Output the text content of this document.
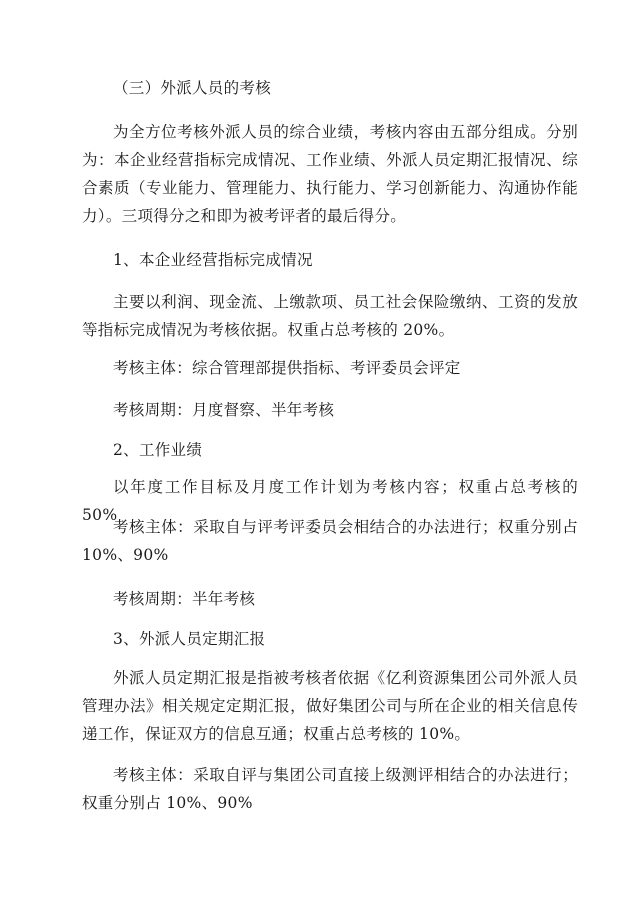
（三）外派人员的考核

为全方位考核外派人员的综合业绩，考核内容由五部分组成。分别为：本企业经营指标完成情况、工作业绩、外派人员定期汇报情况、综合素质（专业能力、管理能力、执行能力、学习创新能力、沟通协作能力）。三项得分之和即为被考评者的最后得分。

1、本企业经营指标完成情况

主要以利润、现金流、上缴款项、员工社会保险缴纳、工资的发放等指标完成情况为考核依据。权重占总考核的 20%。

考核主体：综合管理部提供指标、考评委员会评定

考核周期：月度督察、半年考核

2、工作业绩

以年度工作目标及月度工作计划为考核内容；权重占总考核的 50%

考核主体：采取自与评考评委员会相结合的办法进行；权重分别占 10%、90%

考核周期：半年考核

3、外派人员定期汇报

外派人员定期汇报是指被考核者依据《亿利资源集团公司外派人员管理办法》相关规定定期汇报，做好集团公司与所在企业的相关信息传递工作，保证双方的信息互通；权重占总考核的 10%。

考核主体：采取自评与集团公司直接上级测评相结合的办法进行；权重分别占 10%、90%
